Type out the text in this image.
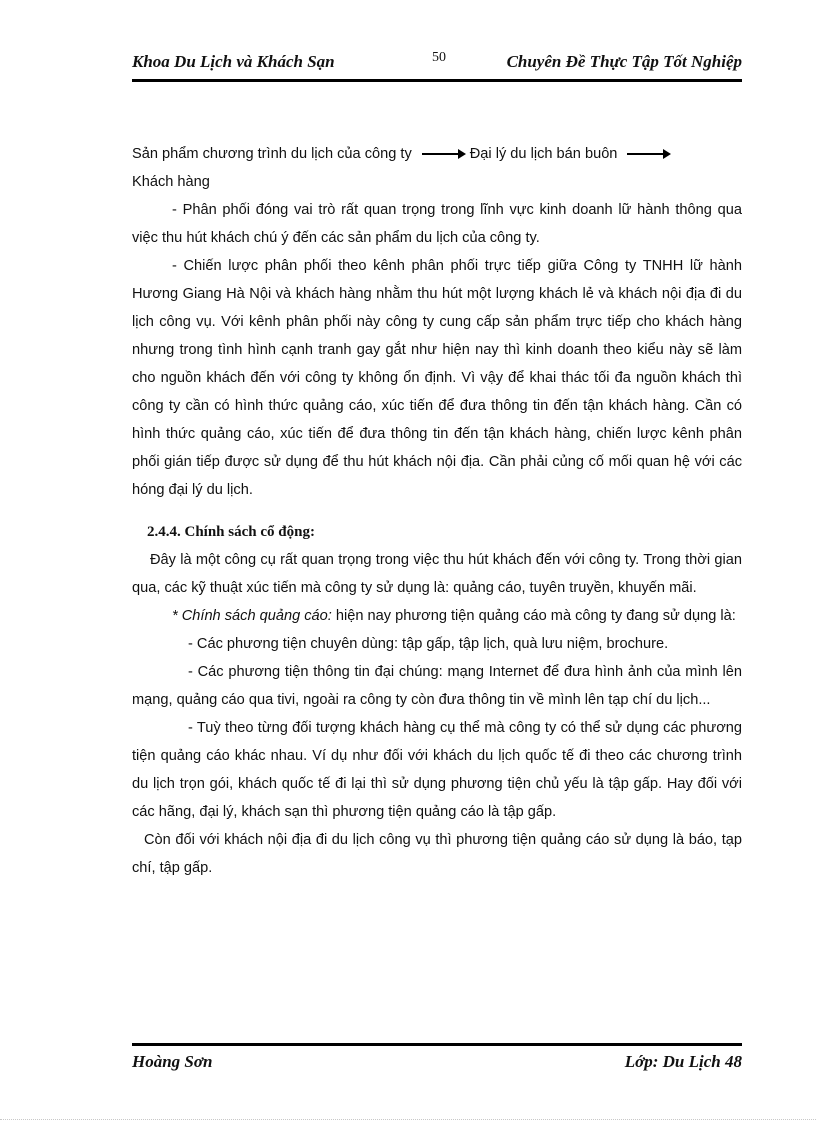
Khoa Du Lịch và Khách Sạn	50	Chuyên Đề Thực Tập Tốt Nghiệp
Sản phẩm chương trình du lịch của công ty	Đại lý du lịch bán buôn

Khách hàng

- Phân phối đóng vai trò rất quan trọng trong lĩnh vực kinh doanh lữ hành thông qua việc thu hút khách chú ý đến các sản phẩm du lịch của công ty.

- Chiến lược phân phối theo kênh phân phối trực tiếp giữa Công ty TNHH lữ hành Hương Giang Hà Nội và khách hàng nhằm thu hút một lượng khách lẻ và khách nội địa đi du lịch công vụ. Với kênh phân phối này công ty cung cấp sản phẩm trực tiếp cho khách hàng nhưng trong tình hình cạnh tranh gay gắt như hiện nay thì kinh doanh theo kiểu này sẽ làm cho nguồn khách đến với công ty không ổn định. Vì vậy để khai thác tối đa nguồn khách thì công ty cần có hình thức quảng cáo, xúc tiến để đưa thông tin đến tận khách hàng. Cần có hình thức quảng cáo, xúc tiến để đưa thông tin đến tận khách hàng, chiến lược kênh phân phối gián tiếp được sử dụng để thu hút khách nội địa. Cần phải củng cố mối quan hệ với các hóng đại lý du lịch.

2.4.4. Chính sách cổ động:

Đây là một công cụ rất quan trọng trong việc thu hút khách đến với công ty. Trong thời gian qua, các kỹ thuật xúc tiến mà công ty sử dụng là: quảng cáo, tuyên truyền, khuyến mãi.

* Chính sách quảng cáo: hiện nay phương tiện quảng cáo mà công ty đang sử dụng là:

- Các phương tiện chuyên dùng: tập gấp, tập lịch, quà lưu niệm, brochure.

- Các phương tiện thông tin đại chúng: mạng Internet để đưa hình ảnh của mình lên mạng, quảng cáo qua tivi, ngoài ra công ty còn đưa thông tin về mình lên tạp chí du lịch...

- Tuỳ theo từng đối tượng khách hàng cụ thể mà công ty có thể sử dụng các phương tiện quảng cáo khác nhau. Ví dụ như đối với khách du lịch quốc tế đi theo các chương trình du lịch trọn gói, khách quốc tế đi lại thì sử dụng phương tiện chủ yếu là tập gấp. Hay đối với các hãng, đại lý, khách sạn thì phương tiện quảng cáo là tập gấp.

Còn đối với khách nội địa đi du lịch công vụ thì phương tiện quảng cáo sử dụng là báo, tạp chí, tập gấp.

Hoàng Sơn	Lớp: Du Lịch 48
